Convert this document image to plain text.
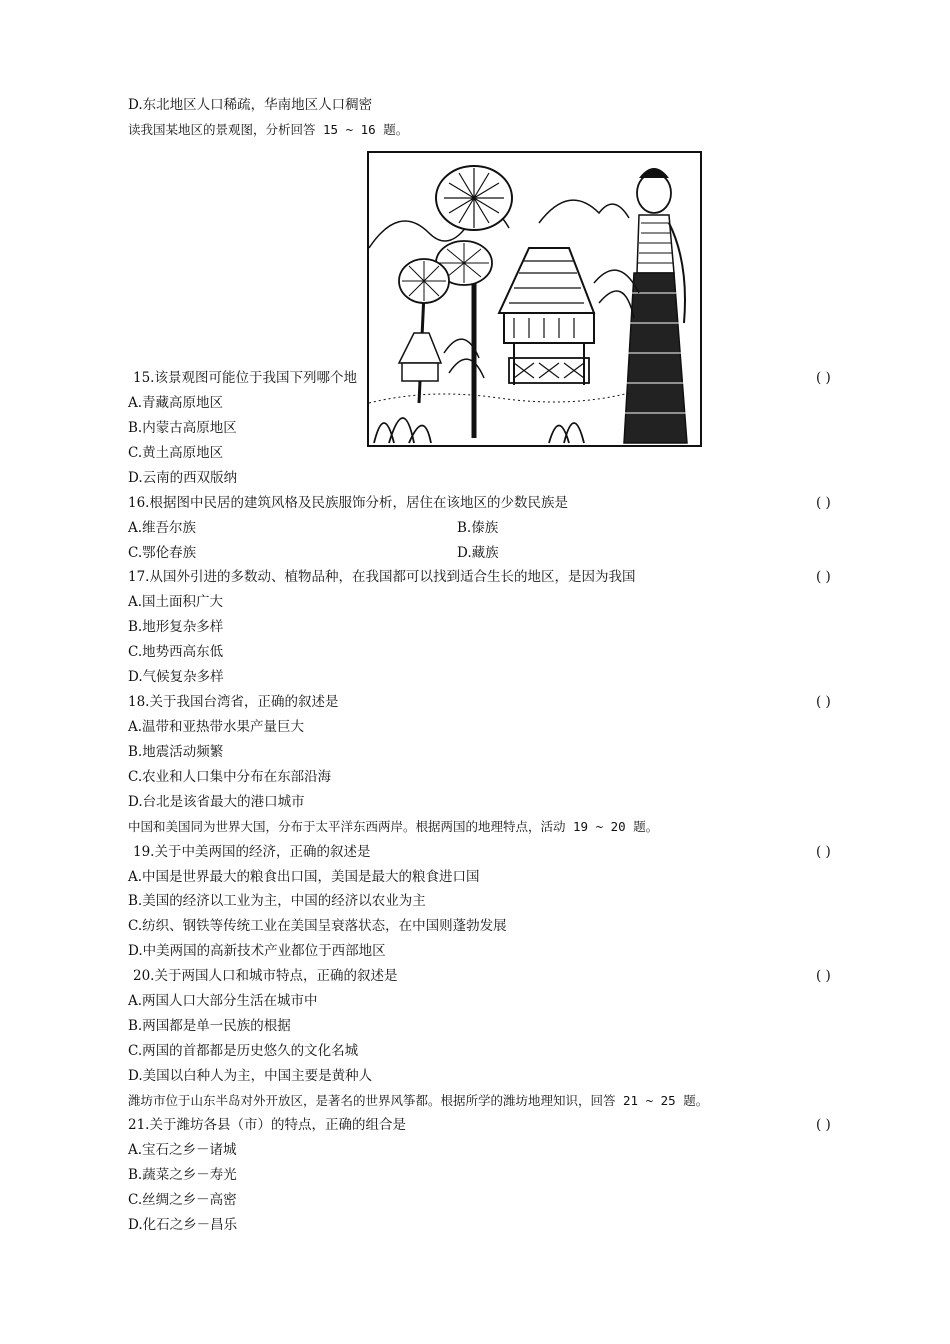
D.东北地区人口稀疏，华南地区人口稠密
读我国某地区的景观图，分析回答 15 ~ 16 题。
15.该景观图可能位于我国下列哪个地	( )
A.青藏高原地区
B.内蒙古高原地区
C.黄土高原地区
D.云南的西双版纳
16.根据图中民居的建筑风格及民族服饰分析，居住在该地区的少数民族是	( )
A.维吾尔族	B.傣族
C.鄂伦春族	D.藏族
17.从国外引进的多数动、植物品种，在我国都可以找到适合生长的地区，是因为我国	( )
A.国土面积广大
B.地形复杂多样
C.地势西高东低
D.气候复杂多样
18.关于我国台湾省，正确的叙述是	( )
A.温带和亚热带水果产量巨大
B.地震活动频繁
C.农业和人口集中分布在东部沿海
D.台北是该省最大的港口城市
中国和美国同为世界大国，分布于太平洋东西两岸。根据两国的地理特点，活动 19 ~ 20 题。
19.关于中美两国的经济，正确的叙述是	( )
A.中国是世界最大的粮食出口国，美国是最大的粮食进口国
B.美国的经济以工业为主，中国的经济以农业为主
C.纺织、钢铁等传统工业在美国呈衰落状态，在中国则蓬勃发展
D.中美两国的高新技术产业都位于西部地区
20.关于两国人口和城市特点，正确的叙述是	( )
A.两国人口大部分生活在城市中
B.两国都是单一民族的根据
C.两国的首都都是历史悠久的文化名城
D.美国以白种人为主，中国主要是黄种人
潍坊市位于山东半岛对外开放区，是著名的世界风筝都。根据所学的潍坊地理知识，回答 21 ~ 25 题。
21.关于潍坊各县（市）的特点，正确的组合是	( )
A.宝石之乡－诸城
B.蔬菜之乡－寿光
C.丝绸之乡－高密
D.化石之乡－昌乐
